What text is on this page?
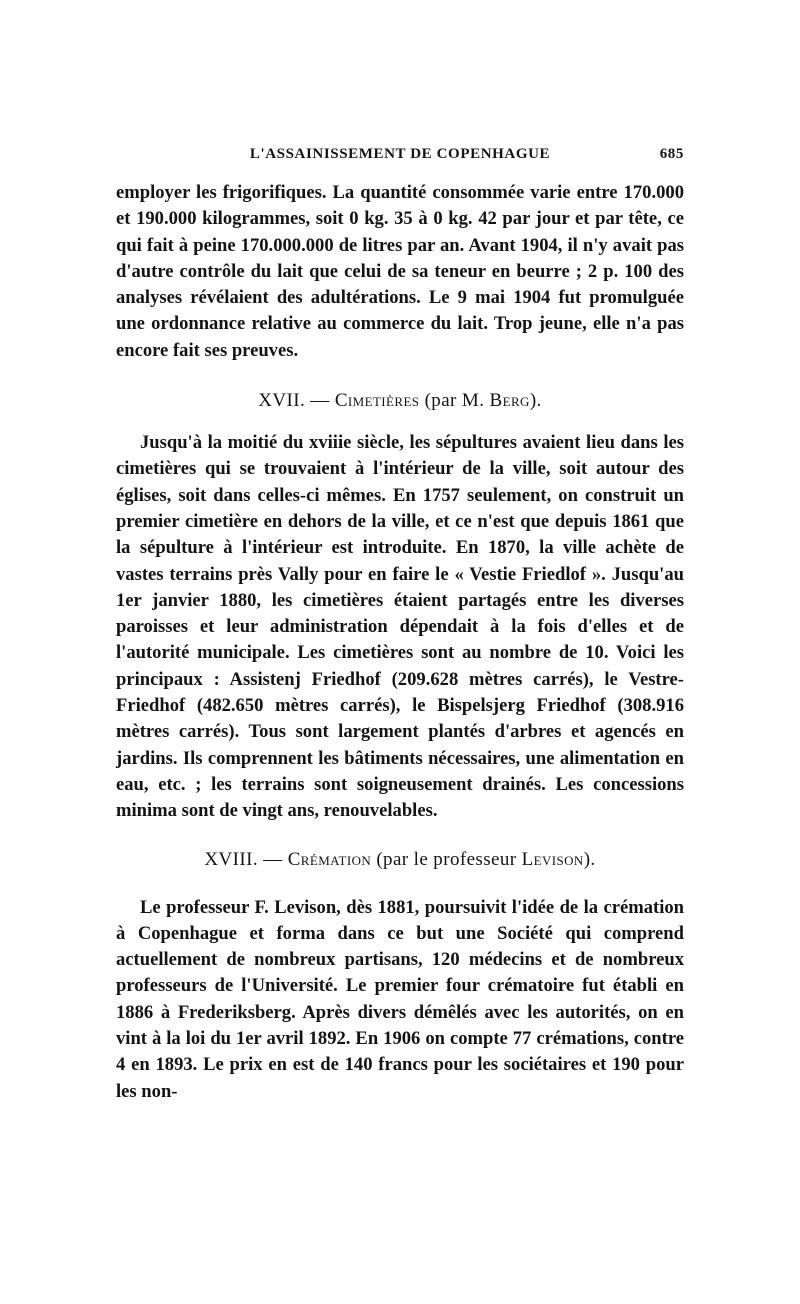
L'ASSAINISSEMENT DE COPENHAGUE	685

employer les frigorifiques. La quantité consommée varie entre 170.000 et 190.000 kilogrammes, soit 0 kg. 35 à 0 kg. 42 par jour et par tête, ce qui fait à peine 170.000.000 de litres par an. Avant 1904, il n'y avait pas d'autre contrôle du lait que celui de sa teneur en beurre ; 2 p. 100 des analyses révélaient des adultérations. Le 9 mai 1904 fut promulguée une ordonnance relative au commerce du lait. Trop jeune, elle n'a pas encore fait ses preuves.

XVII. — Cimetières (par M. Berg).

Jusqu'à la moitié du xviiie siècle, les sépultures avaient lieu dans les cimetières qui se trouvaient à l'intérieur de la ville, soit autour des églises, soit dans celles-ci mêmes. En 1757 seulement, on construit un premier cimetière en dehors de la ville, et ce n'est que depuis 1861 que la sépulture à l'intérieur est introduite. En 1870, la ville achète de vastes terrains près Vally pour en faire le « Vestie Friedlof ». Jusqu'au 1er janvier 1880, les cimetières étaient partagés entre les diverses paroisses et leur administration dépendait à la fois d'elles et de l'autorité municipale. Les cimetières sont au nombre de 10. Voici les principaux : Assistenj Friedhof (209.628 mètres carrés), le Vestre-Friedhof (482.650 mètres carrés), le Bispelsjerg Friedhof (308.916 mètres carrés). Tous sont largement plantés d'arbres et agencés en jardins. Ils comprennent les bâtiments nécessaires, une alimentation en eau, etc. ; les terrains sont soigneusement drainés. Les concessions minima sont de vingt ans, renouvelables.

XVIII. — Crémation (par le professeur Levison).

Le professeur F. Levison, dès 1881, poursuivit l'idée de la crémation à Copenhague et forma dans ce but une Société qui comprend actuellement de nombreux partisans, 120 médecins et de nombreux professeurs de l'Université. Le premier four crématoire fut établi en 1886 à Frederiksberg. Après divers démêlés avec les autorités, on en vint à la loi du 1er avril 1892. En 1906 on compte 77 crémations, contre 4 en 1893. Le prix en est de 140 francs pour les sociétaires et 190 pour les non-
